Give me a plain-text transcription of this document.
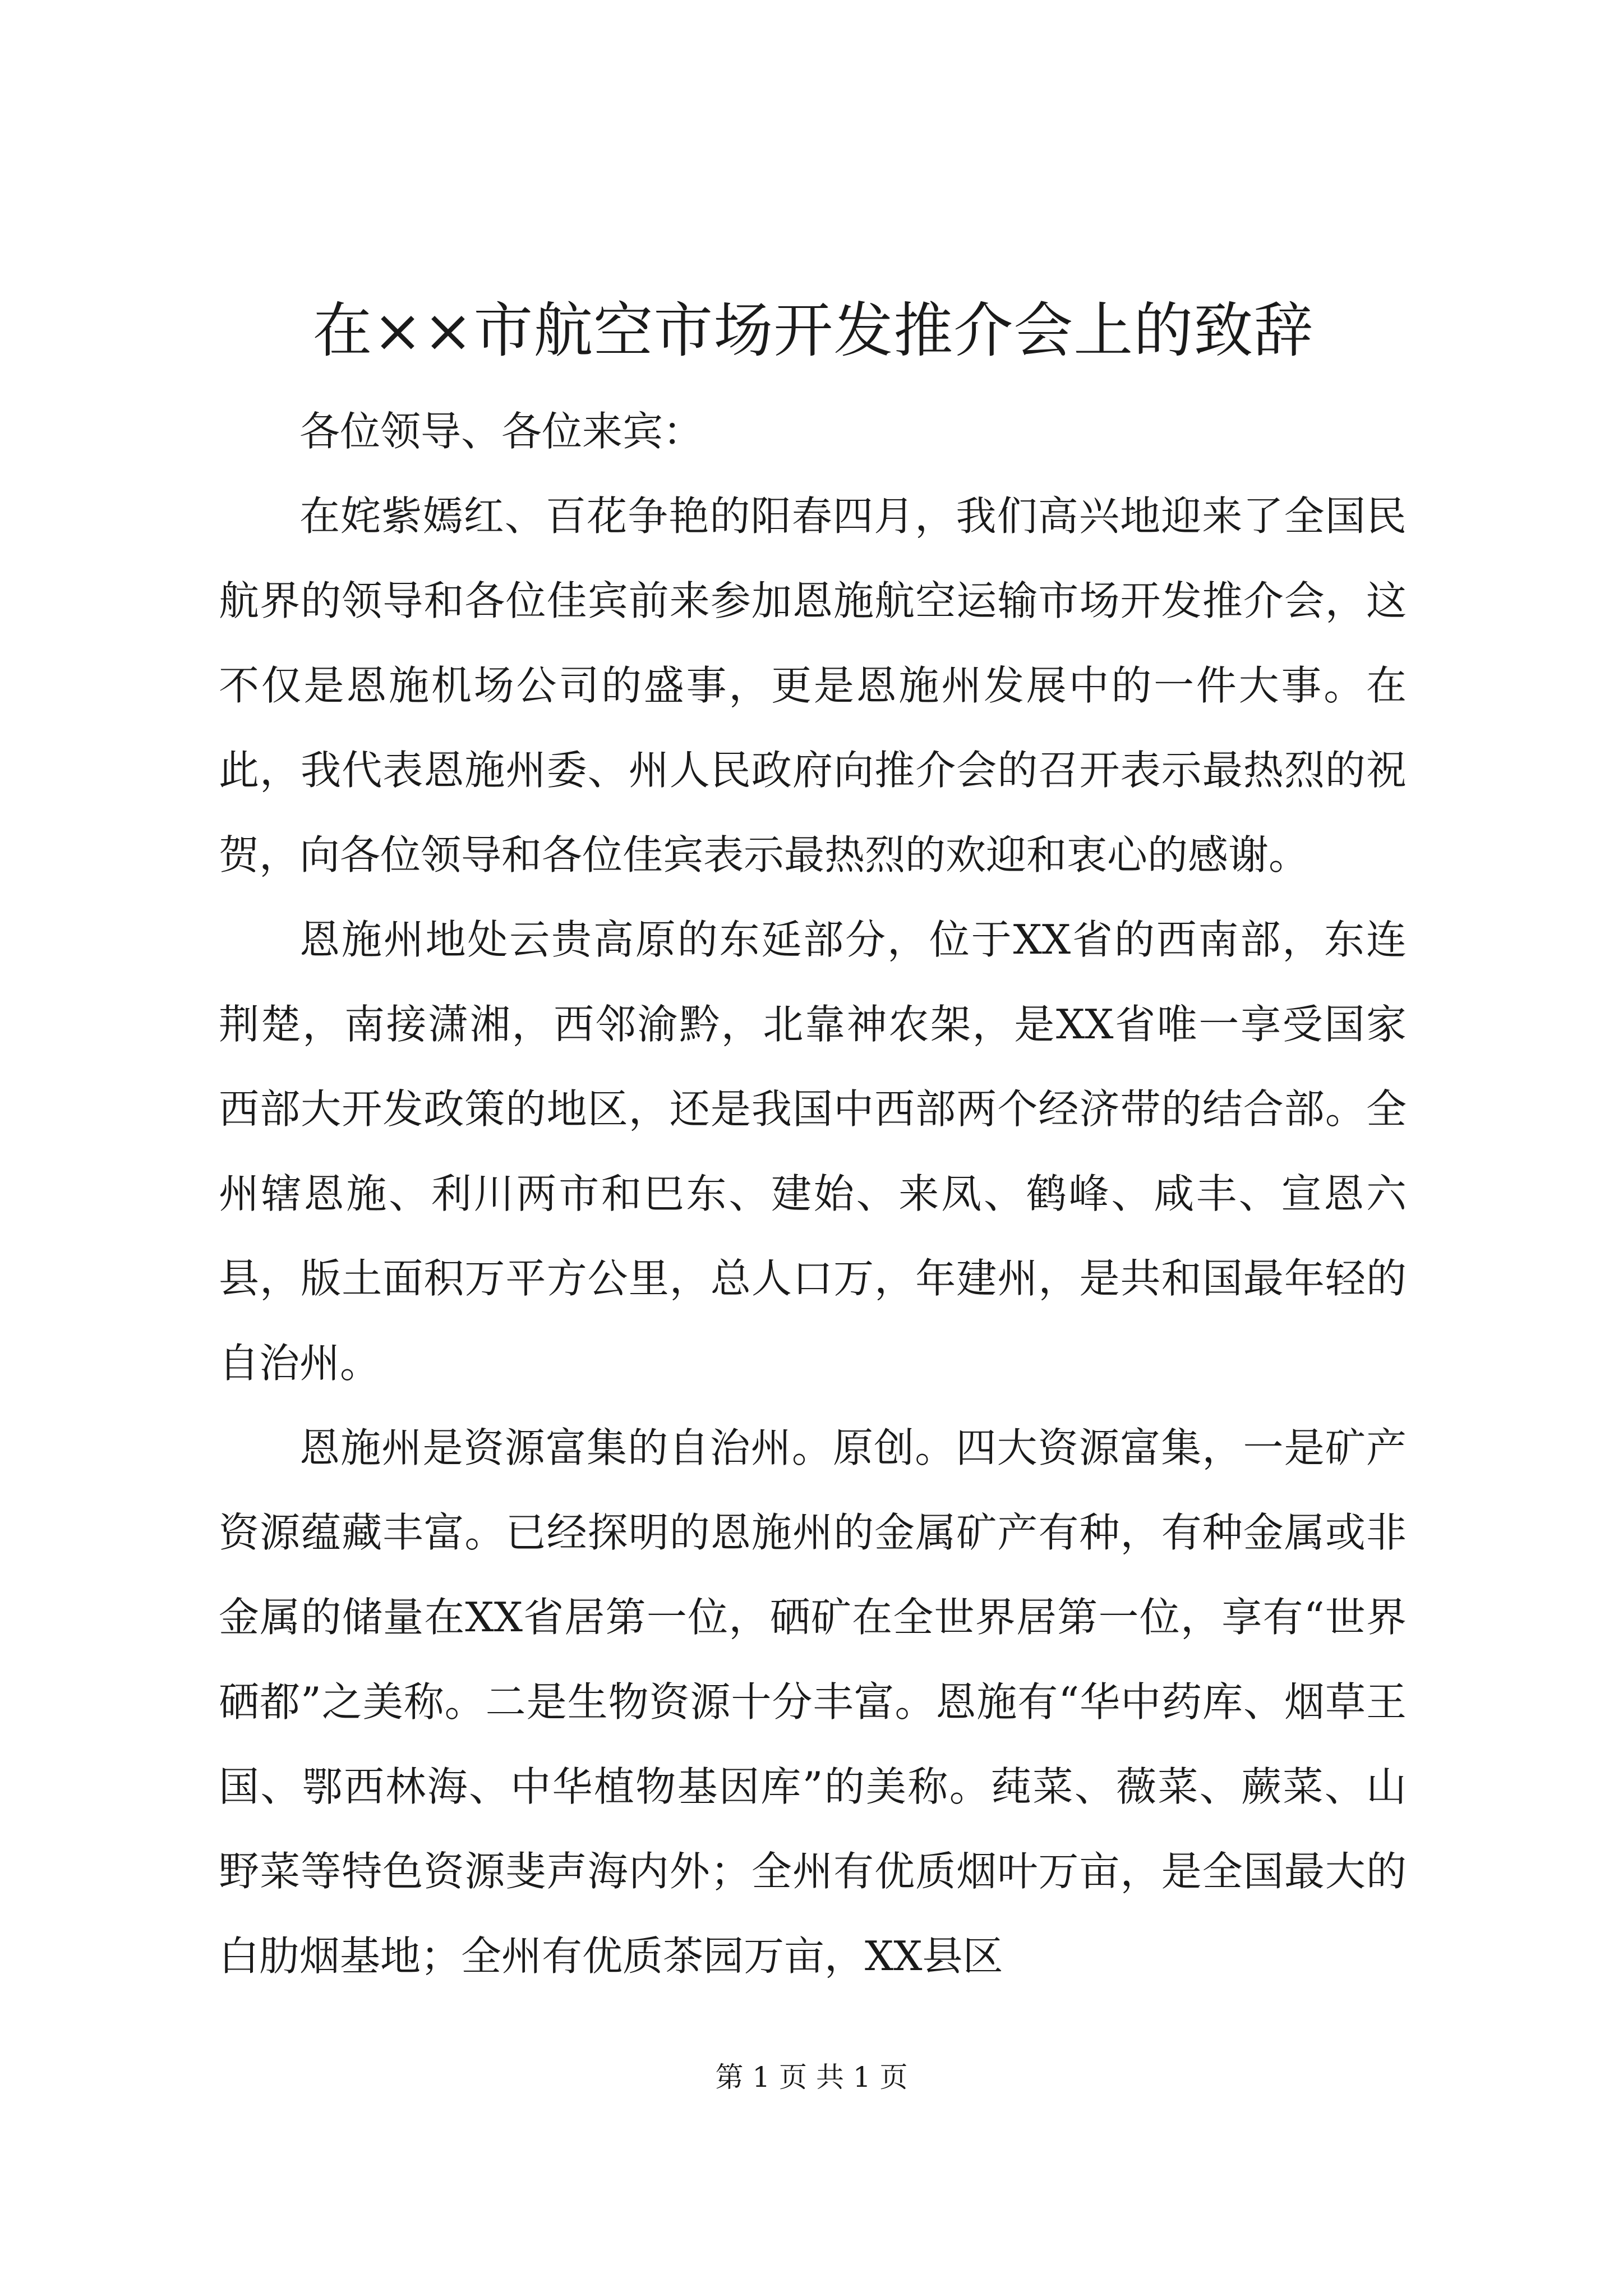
在××市航空市场开发推介会上的致辞

各位领导、各位来宾：

在姹紫嫣红、百花争艳的阳春四月，我们高兴地迎来了全国民航界的领导和各位佳宾前来参加恩施航空运输市场开发推介会，这不仅是恩施机场公司的盛事，更是恩施州发展中的一件大事。在此，我代表恩施州委、州人民政府向推介会的召开表示最热烈的祝贺，向各位领导和各位佳宾表示最热烈的欢迎和衷心的感谢。

恩施州地处云贵高原的东延部分，位于XX省的西南部，东连荆楚，南接潇湘，西邻渝黔，北靠神农架，是XX省唯一享受国家西部大开发政策的地区，还是我国中西部两个经济带的结合部。全州辖恩施、利川两市和巴东、建始、来凤、鹤峰、咸丰、宣恩六县，版土面积万平方公里，总人口万，年建州，是共和国最年轻的自治州。

恩施州是资源富集的自治州。原创。四大资源富集，一是矿产资源蕴藏丰富。已经探明的恩施州的金属矿产有种，有种金属或非金属的储量在XX省居第一位，硒矿在全世界居第一位，享有“世界硒都”之美称。二是生物资源十分丰富。恩施有“华中药库、烟草王国、鄂西林海、中华植物基因库”的美称。莼菜、薇菜、蕨菜、山野菜等特色资源斐声海内外；全州有优质烟叶万亩，是全国最大的白肋烟基地；全州有优质茶园万亩，XX县区

第 1 页 共 1 页
